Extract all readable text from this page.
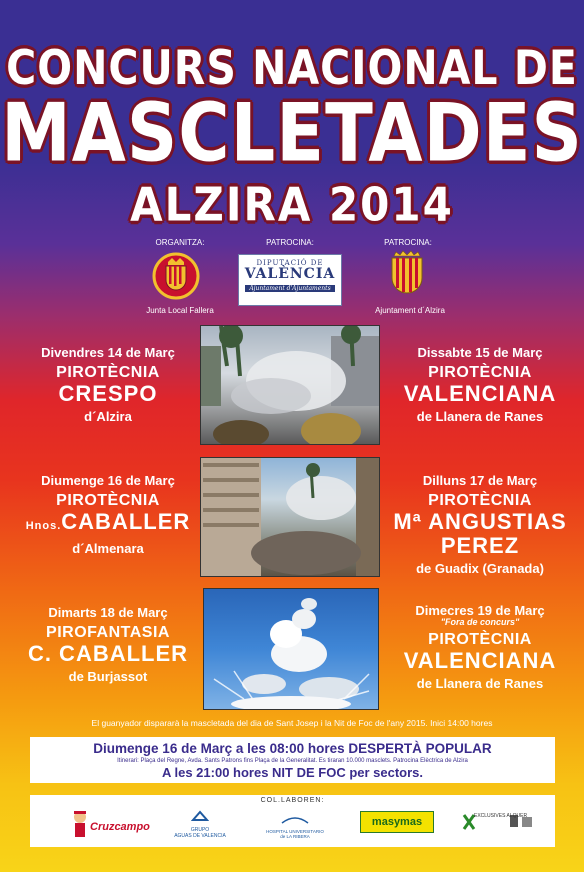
CONCURS NACIONAL DE
MASCLETADES
ALZIRA 2014
ORGANITZA:	PATROCINA:	PATROCINA:
Junta Local Fallera
DIPUTACIÓ DE
VALÈNCIA
Ajuntament d'Ajuntaments
Ajuntament d´Alzira
Divendres 14 de Març
PIROTÈCNIA
CRESPO
d´Alzira
Dissabte 15 de Març
PIROTÈCNIA
VALENCIANA
de Llanera de Ranes
Diumenge 16 de Març
PIROTÈCNIA
Hnos.CABALLER
d´Almenara
Dilluns 17 de Març
PIROTÈCNIA
Mª ANGUSTIAS
PEREZ
de Guadix (Granada)
Dimarts 18 de Març
PIROFANTASIA
C. CABALLER
de Burjassot
Dimecres 19 de Març
"Fora de concurs"
PIROTÈCNIA
VALENCIANA
de Llanera de Ranes
El guanyador dispararà la mascletada del dia de Sant Josep i la Nit de Foc de l'any 2015. Inici 14:00 hores
Diumenge 16 de Març a les 08:00 hores DESPERTÀ POPULAR
Itinerari: Plaça del Regne, Avda. Sants Patrons fins Plaça de la Generalitat. Es tiraran 10.000 masclets. Patrocina Elèctrica de Alzira
A les 21:00 hores NIT DE FOC per sectors.
COL.LABOREN:
Cruzcampo	GRUPO
AGUAS DE VALENCIA
HOSPITAL UNIVERSITARIO
de LA RIBERA
masymas	EXCLUSIVES ALQUER
